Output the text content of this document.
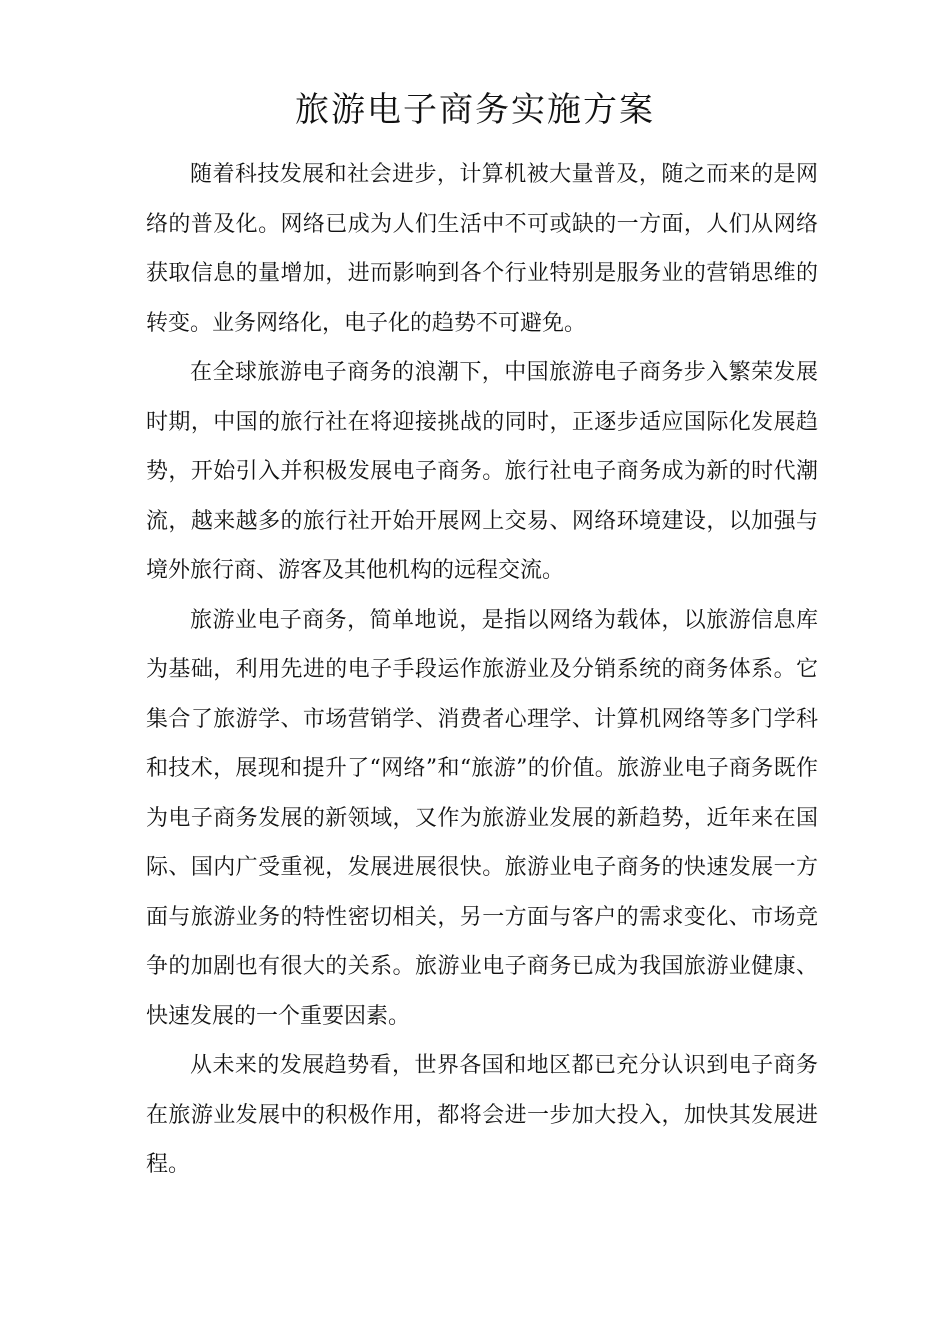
旅游电子商务实施方案

随着科技发展和社会进步，计算机被大量普及，随之而来的是网络的普及化。网络已成为人们生活中不可或缺的一方面，人们从网络获取信息的量增加，进而影响到各个行业特别是服务业的营销思维的转变。业务网络化，电子化的趋势不可避免。

在全球旅游电子商务的浪潮下，中国旅游电子商务步入繁荣发展时期，中国的旅行社在将迎接挑战的同时，正逐步适应国际化发展趋势，开始引入并积极发展电子商务。旅行社电子商务成为新的时代潮流，越来越多的旅行社开始开展网上交易、网络环境建设，以加强与境外旅行商、游客及其他机构的远程交流。

旅游业电子商务，简单地说，是指以网络为载体，以旅游信息库为基础，利用先进的电子手段运作旅游业及分销系统的商务体系。它集合了旅游学、市场营销学、消费者心理学、计算机网络等多门学科和技术，展现和提升了“网络”和“旅游”的价值。旅游业电子商务既作为电子商务发展的新领域，又作为旅游业发展的新趋势，近年来在国际、国内广受重视，发展进展很快。旅游业电子商务的快速发展一方面与旅游业务的特性密切相关，另一方面与客户的需求变化、市场竞争的加剧也有很大的关系。旅游业电子商务已成为我国旅游业健康、快速发展的一个重要因素。

从未来的发展趋势看，世界各国和地区都已充分认识到电子商务在旅游业发展中的积极作用，都将会进一步加大投入，加快其发展进程。
